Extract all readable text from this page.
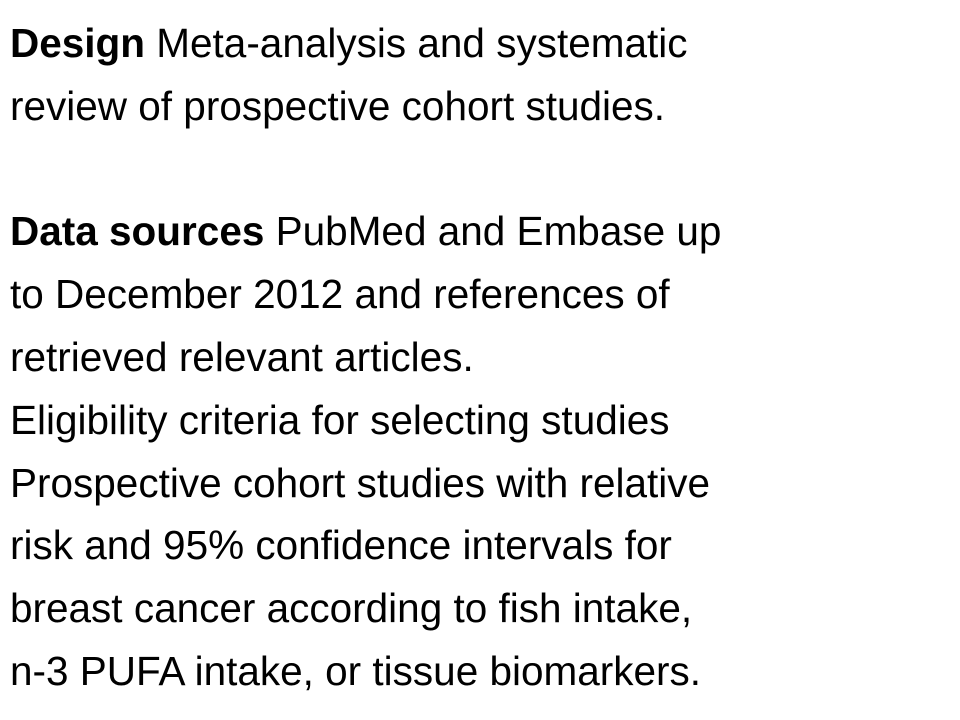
Design Meta-analysis and systematic
review of prospective cohort studies.
Data sources PubMed and Embase up
to December 2012 and references of
retrieved relevant articles.
Eligibility criteria for selecting studies
Prospective cohort studies with relative
risk and 95% confidence intervals for
breast cancer according to fish intake,
n-3 PUFA intake, or tissue biomarkers.
